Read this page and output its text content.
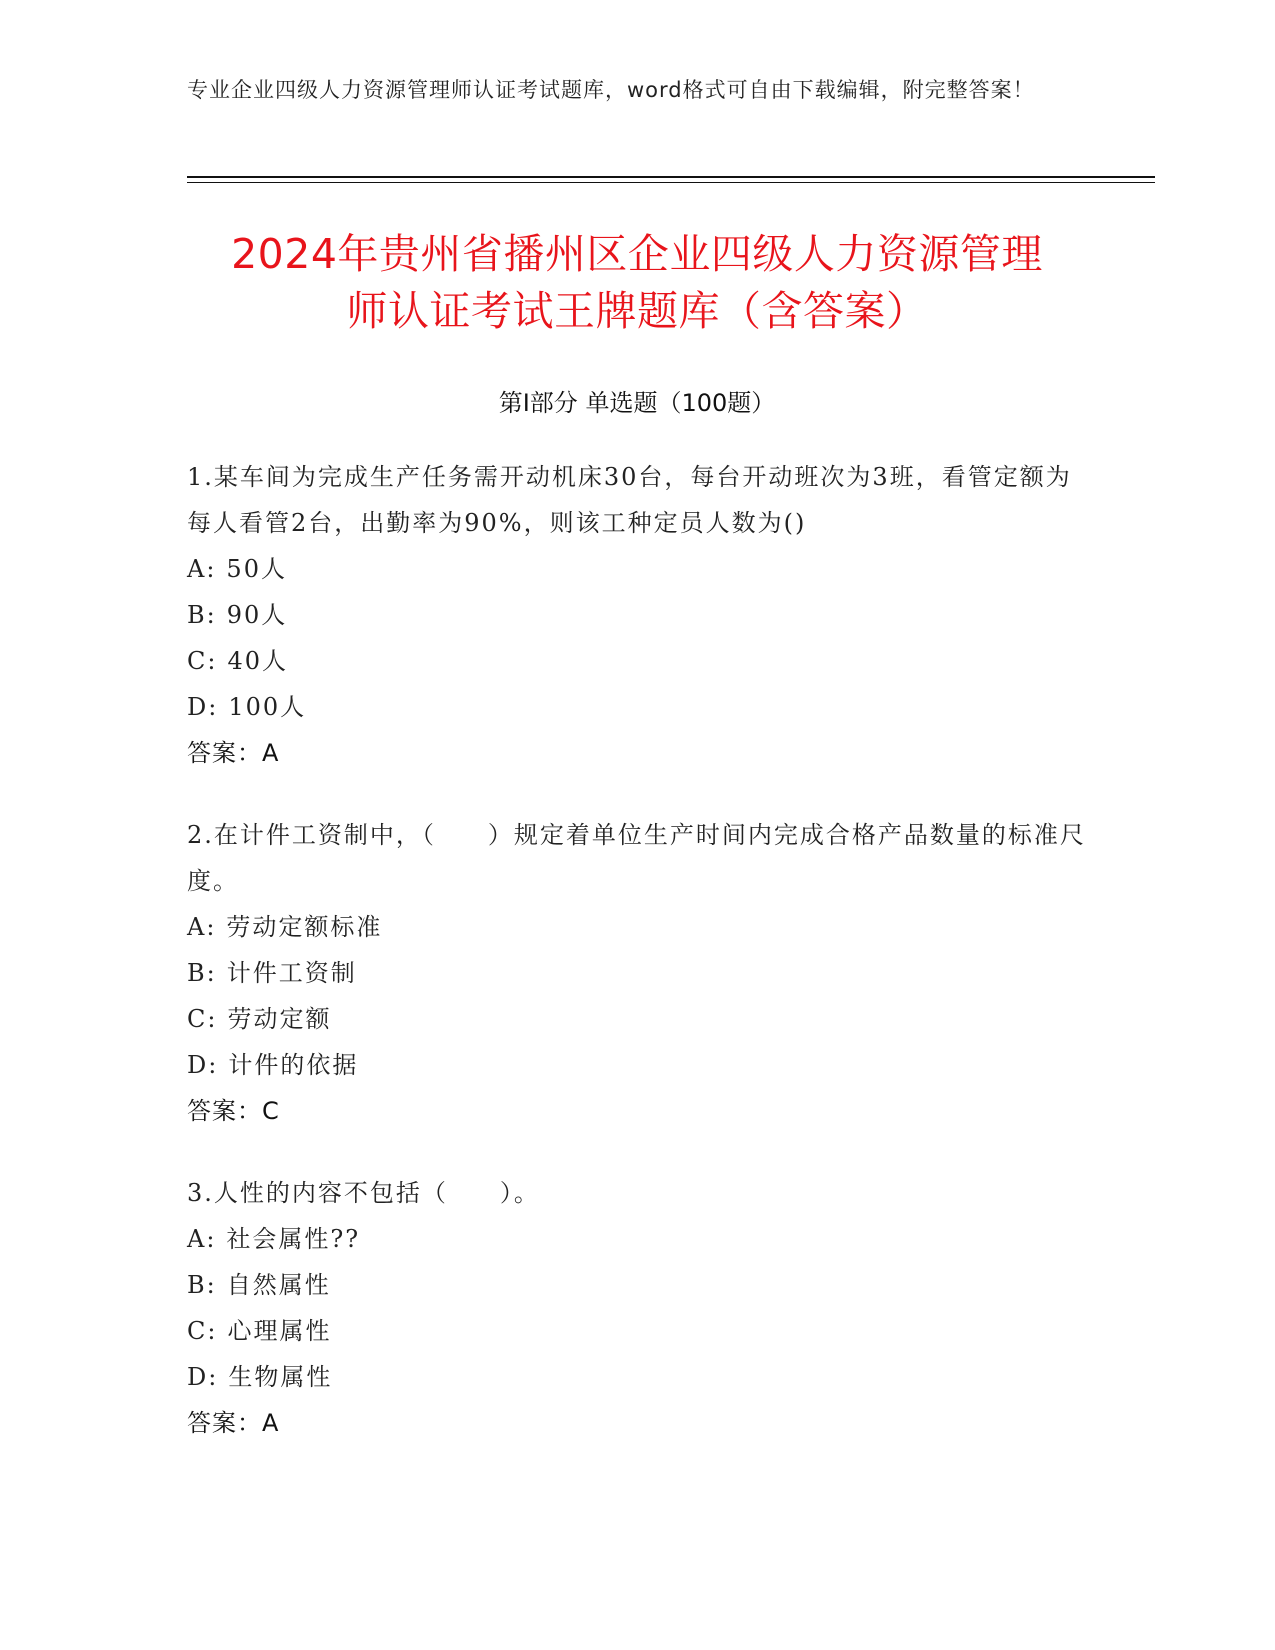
专业企业四级人力资源管理师认证考试题库，word格式可自由下载编辑，附完整答案！
2024年贵州省播州区企业四级人力资源管理
师认证考试王牌题库（含答案）
第I部分 单选题（100题）

1.某车间为完成生产任务需开动机床30台，每台开动班次为3班，看管定额为每人看管2台，出勤率为90%，则该工种定员人数为()

A: 50人

B: 90人

C: 40人

D: 100人

答案：A

2.在计件工资制中，（　　）规定着单位生产时间内完成合格产品数量的标准尺度。

A: 劳动定额标准

B: 计件工资制

C: 劳动定额

D: 计件的依据

答案：C

3.人性的内容不包括（　　）。

A: 社会属性??

B: 自然属性

C: 心理属性

D: 生物属性

答案：A
